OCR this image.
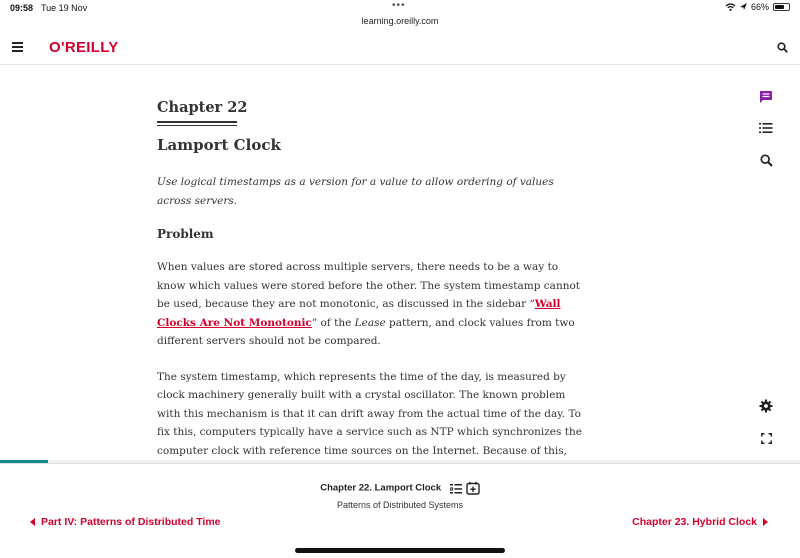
09:58 Tue 19 Nov	•••	66%
learning.oreilly.com
O'REILLY
Chapter 22
Lamport Clock

Use logical timestamps as a version for a value to allow ordering of values across servers.

Problem

When values are stored across multiple servers, there needs to be a way to know which values were stored before the other. The system timestamp cannot be used, because they are not monotonic, as discussed in the sidebar “Wall Clocks Are Not Monotonic” of the Lease pattern, and clock values from two different servers should not be compared.

The system timestamp, which represents the time of the day, is measured by clock machinery generally built with a crystal oscillator. The known problem with this mechanism is that it can drift away from the actual time of the day. To fix this, computers typically have a service such as NTP which synchronizes the computer clock with reference time sources on the Internet. Because of this,

Chapter 22. Lamport Clock
Patterns of Distributed Systems
Part IV: Patterns of Distributed Time	Chapter 23. Hybrid Clock
